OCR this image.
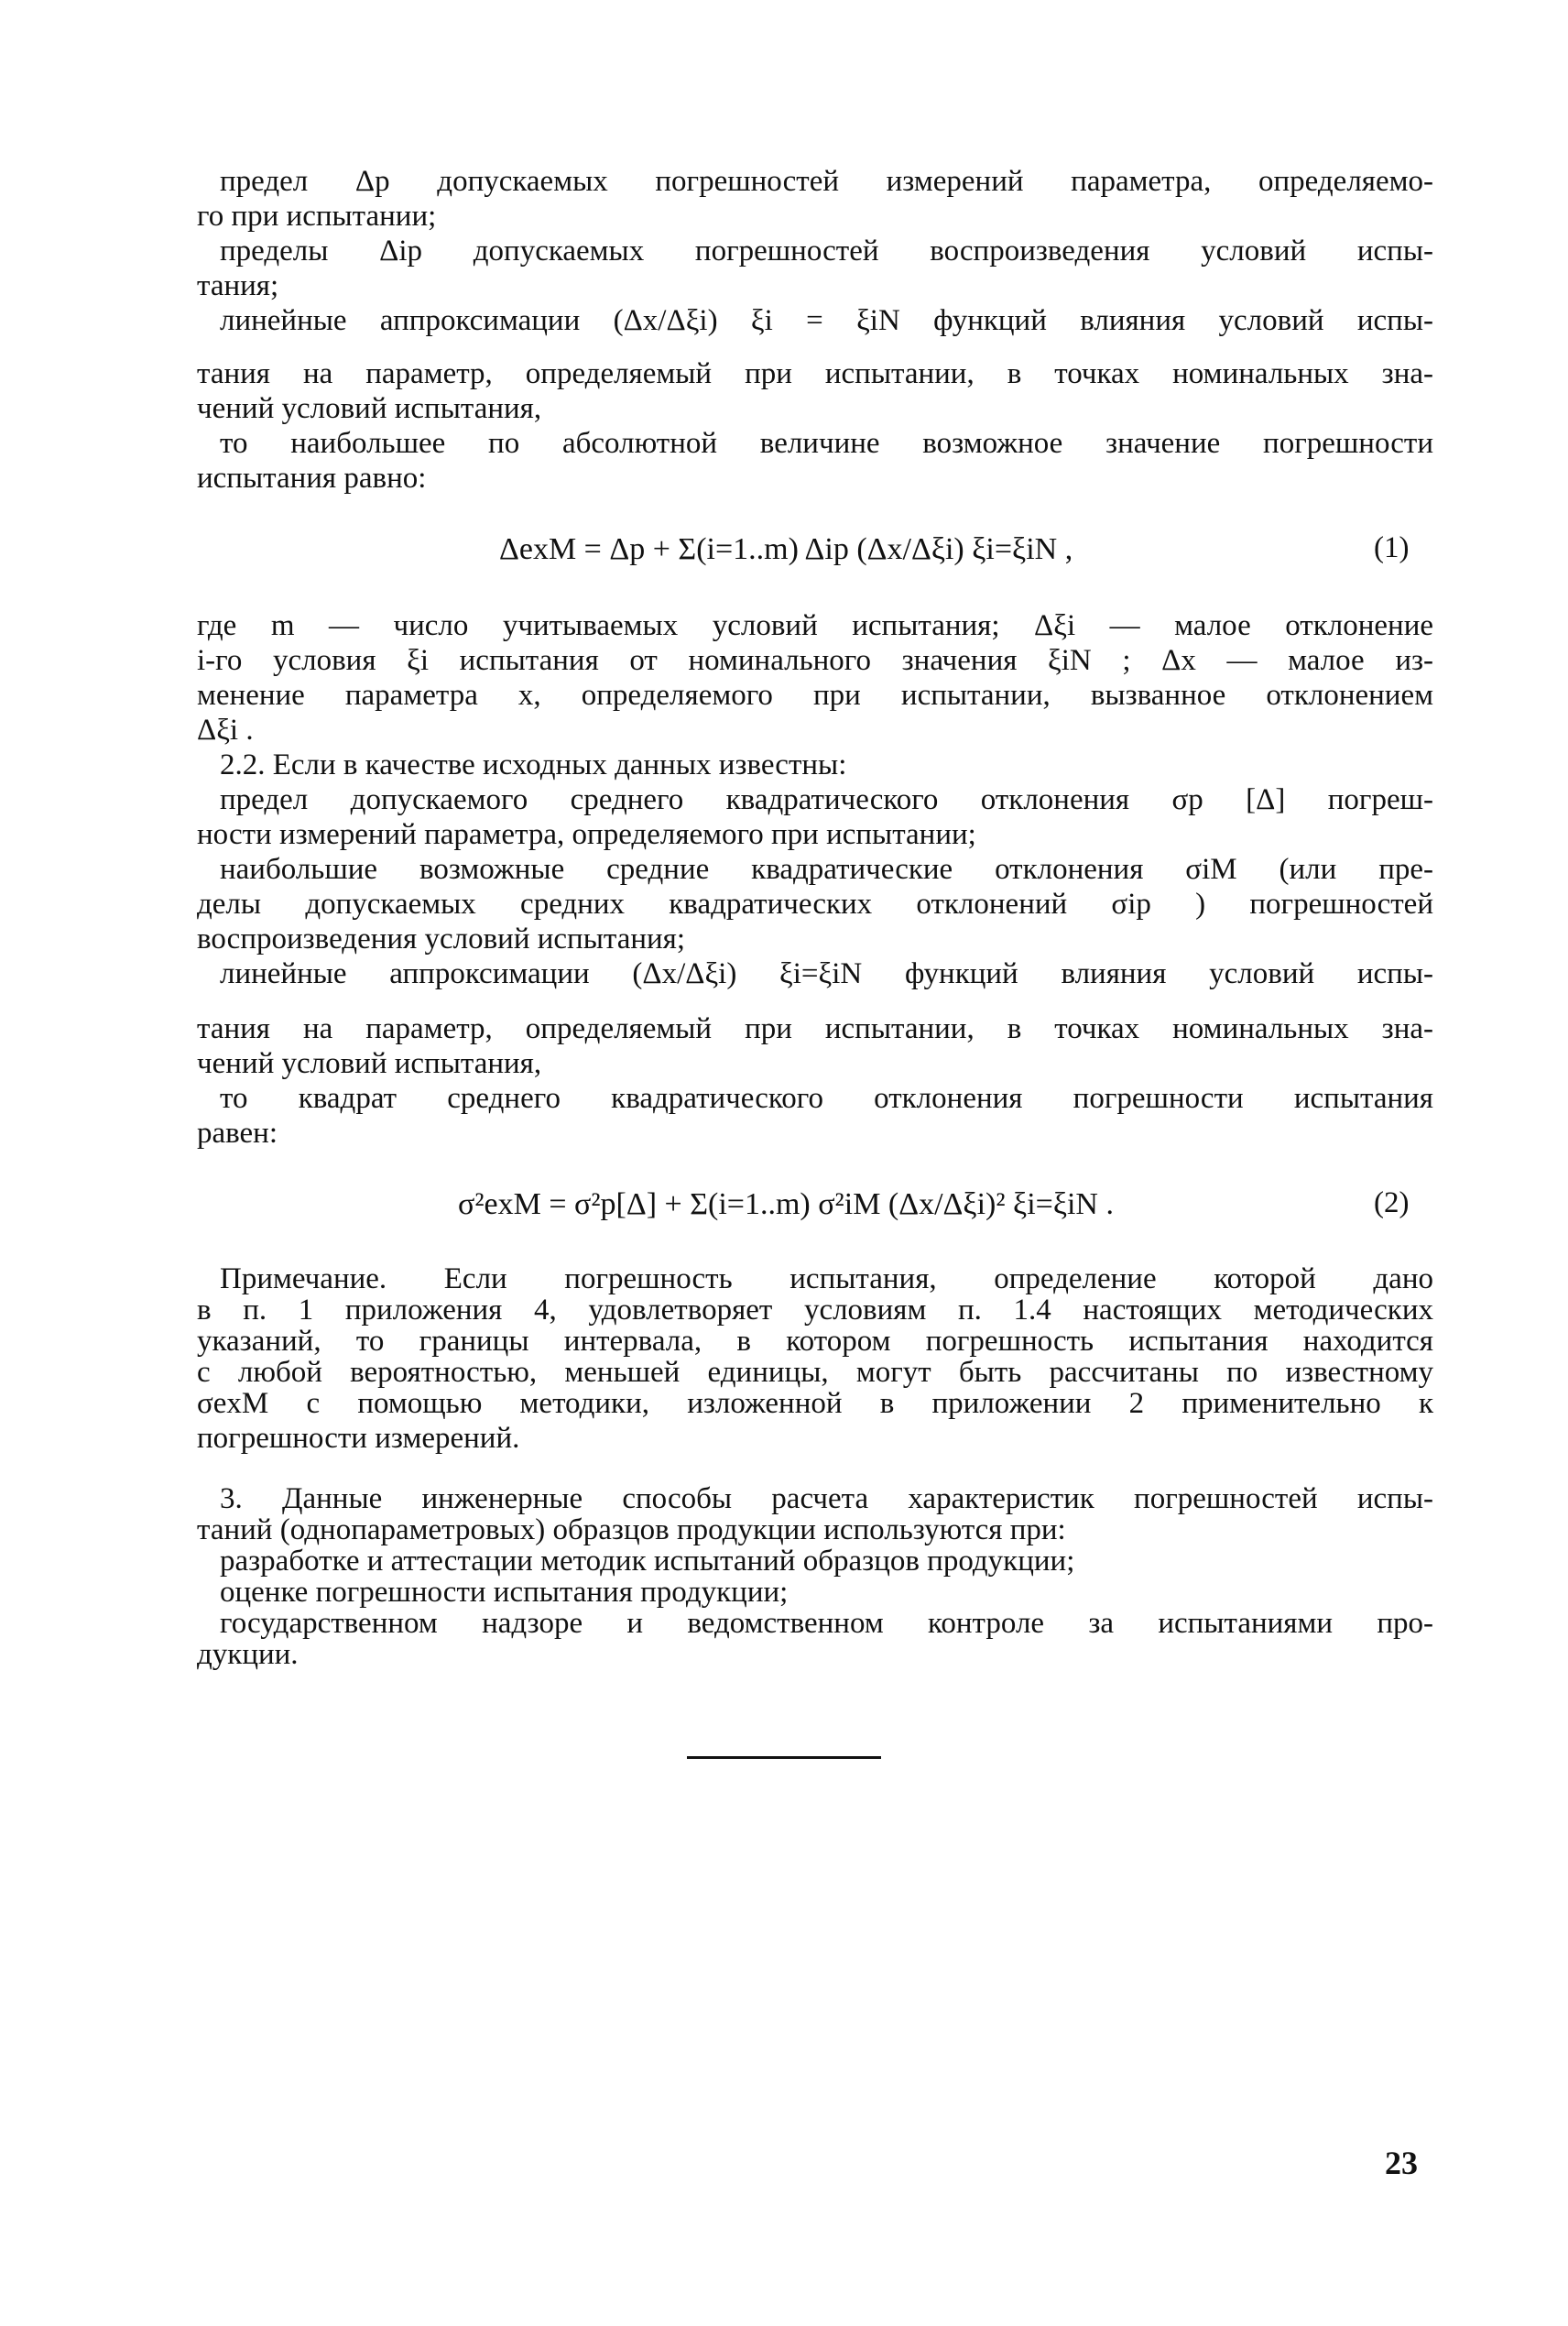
предел Δp допускаемых погрешностей измерений параметра, определяемо-
го при испытании;
пределы Δip допускаемых погрешностей воспроизведения условий испы-
тания;
линейные аппроксимации (Δx/Δξi) ξi = ξiN функций влияния условий испы-
тания на параметр, определяемый при испытании, в точках номинальных зна-
чений условий испытания,
то наибольшее по абсолютной величине возможное значение погрешности
испытания равно:
ΔexM = Δp + Σ(i=1..m) Δip (Δx/Δξi) ξi=ξiN ,	(1)
где m — число учитываемых условий испытания; Δξi — малое отклонение
i-го условия ξi испытания от номинального значения ξiN ; Δx — малое из-
менение параметра x, определяемого при испытании, вызванное отклонением
Δξi .
2.2. Если в качестве исходных данных известны:
предел допускаемого среднего квадратического отклонения σp [Δ] погреш-
ности измерений параметра, определяемого при испытании;
наибольшие возможные средние квадратические отклонения σiM (или пре-
делы допускаемых средних квадратических отклонений σip ) погрешностей
воспроизведения условий испытания;
линейные аппроксимации (Δx/Δξi) ξi=ξiN функций влияния условий испы-
тания на параметр, определяемый при испытании, в точках номинальных зна-
чений условий испытания,
то квадрат среднего квадратического отклонения погрешности испытания
равен:
σ²exM = σ²p[Δ] + Σ(i=1..m) σ²iM (Δx/Δξi)² ξi=ξiN .	(2)
Примечание. Если погрешность испытания, определение которой дано
в п. 1 приложения 4, удовлетворяет условиям п. 1.4 настоящих методических
указаний, то границы интервала, в котором погрешность испытания находится
с любой вероятностью, меньшей единицы, могут быть рассчитаны по известному
σexM с помощью методики, изложенной в приложении 2 применительно к
погрешности измерений.
3. Данные инженерные способы расчета характеристик погрешностей испы-
таний (однопараметровых) образцов продукции используются при:
разработке и аттестации методик испытаний образцов продукции;
оценке погрешности испытания продукции;
государственном надзоре и ведомственном контроле за испытаниями про-
дукции.
23
